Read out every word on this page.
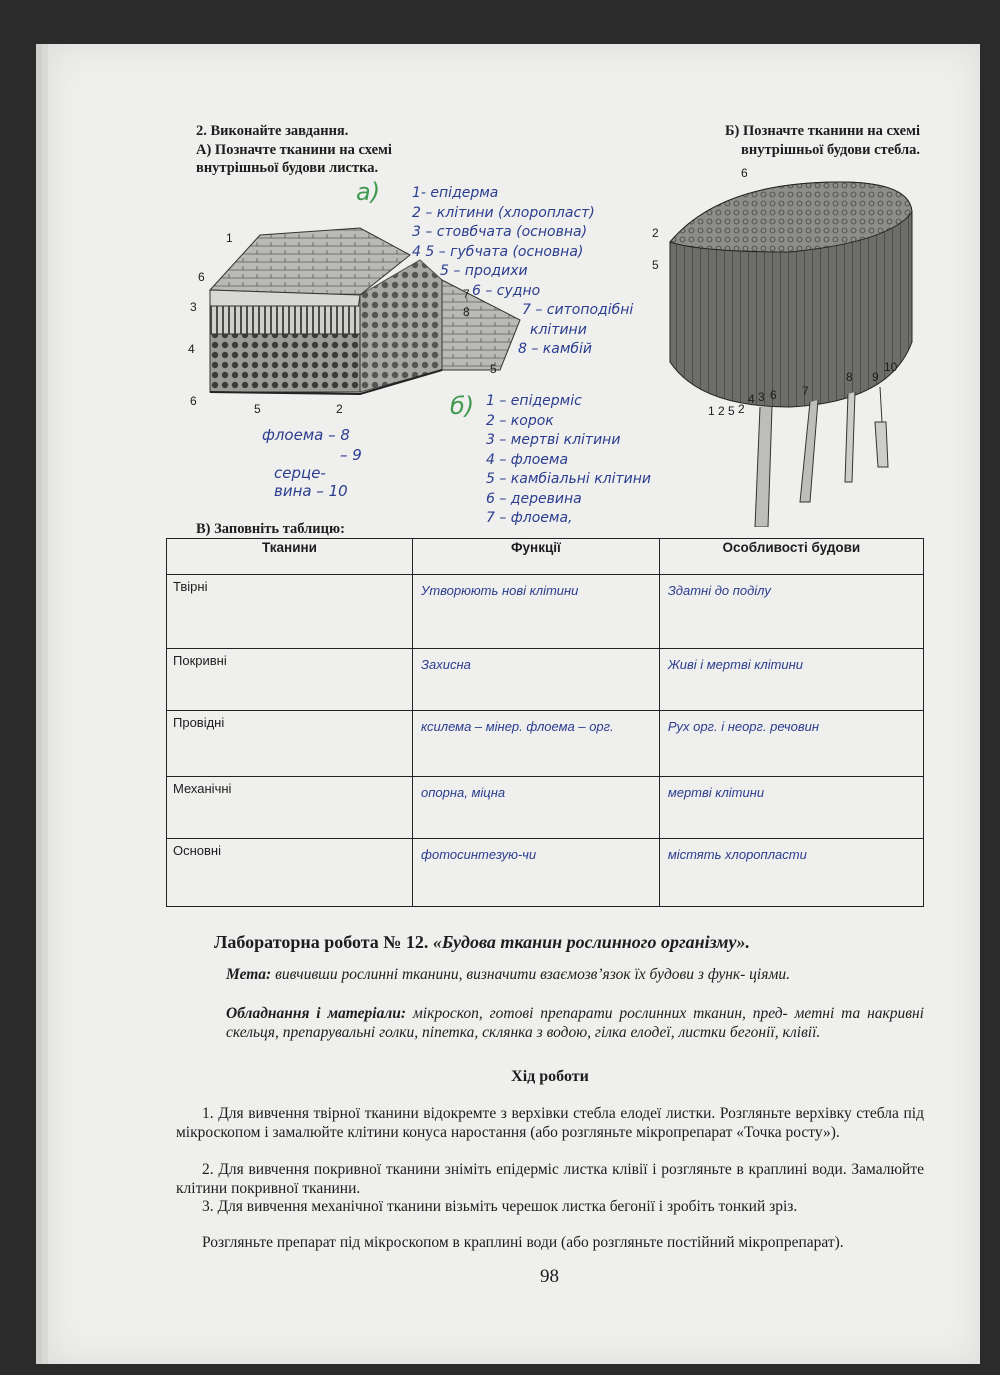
2. Виконайте завдання.
А) Позначте тканини на схемі
внутрішньої будови листка.
Б) Позначте тканини на схемі
внутрішньої будови стебла.
1
6
3
4
6
5	2
7
8
5
6
2
5
1 2 5 2
4 3 6 7
8 9
10
а) 1- епідерма
2 – клітини (хлоропласт)
3 – стовбчата (основна)
4 5 – губчата (основна)
5 – продихи
6 – судно
7 – ситоподібні
клітини
8 – камбій
б) 1 – епідерміс
2 – корок
3 – мертві клітини
4 – флоема
5 – камбіальні клітини
6 – деревина
7 – флоема,
флоема – 8
– 9
серце-
вина – 10
В) Заповніть таблицю:
Тканини	Функції	Особливості будови
Твірні	Утворюють нові клітини	Здатні до поділу
Покривні	Захисна	Живі і мертві клітини
Провідні	ксилема – мінер. флоема – орг.	Рух орг. і неорг. речовин
Механічні	опорна, міцна	мертві клітини
Основні	фотосинтезую-чи	містять хлоропласти
Лабораторна робота № 12. «Будова тканин рослинного організму».
Мета: вивчивши рослинні тканини, визначити взаємозв’язок їх будови з функ- ціями.
Обладнання і матеріали: мікроскоп, готові препарати рослинних тканин, пред- метні та накривні скельця, препарувальні голки, піпетка, склянка з водою, гілка елодеї, листки бегонії, клівії.
Хід роботи
1. Для вивчення твірної тканини відокремте з верхівки стебла елодеї листки. Розгляньте верхівку стебла під мікроскопом і замалюйте клітини конуса наростання (або розгляньте мікропрепарат «Точка росту»).
2. Для вивчення покривної тканини зніміть епідерміс листка клівії і розгляньте в краплині води. Замалюйте клітини покривної тканини.
3. Для вивчення механічної тканини візьміть черешок листка бегонії і зробіть тонкий зріз.
Розгляньте препарат під мікроскопом в краплині води (або розгляньте постійний мікропрепарат).
98
